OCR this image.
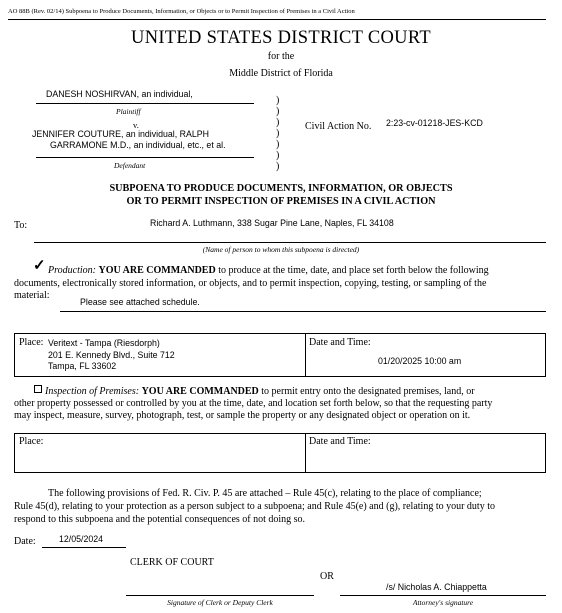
AO 88B (Rev. 02/14) Subpoena to Produce Documents, Information, or Objects or to Permit Inspection of Premises in a Civil Action
UNITED STATES DISTRICT COURT
for the
Middle District of Florida
DANESH NOSHIRVAN, an individual,
Plaintiff
v.
JENNIFER COUTURE, an individual, RALPH
GARRAMONE M.D., an individual, etc., et al.
Defendant
)
)
)
)
)
)
)
Civil Action No. 2:23-cv-01218-JES-KCD
SUBPOENA TO PRODUCE DOCUMENTS, INFORMATION, OR OBJECTS
OR TO PERMIT INSPECTION OF PREMISES IN A CIVIL ACTION
To:	Richard A. Luthmann, 338 Sugar Pine Lane, Naples, FL 34108
(Name of person to whom this subpoena is directed)
✓ Production: YOU ARE COMMANDED to produce at the time, date, and place set forth below the following
documents, electronically stored information, or objects, and to permit inspection, copying, testing, or sampling of the
material:
Please see attached schedule.
Place: Veritext - Tampa (Riesdorph)
201 E. Kennedy Blvd., Suite 712
Tampa, FL 33602
Date and Time:
01/20/2025 10:00 am
Inspection of Premises: YOU ARE COMMANDED to permit entry onto the designated premises, land, or
other property possessed or controlled by you at the time, date, and location set forth below, so that the requesting party
may inspect, measure, survey, photograph, test, or sample the property or any designated object or operation on it.
Place:	Date and Time:
The following provisions of Fed. R. Civ. P. 45 are attached – Rule 45(c), relating to the place of compliance;
Rule 45(d), relating to your protection as a person subject to a subpoena; and Rule 45(e) and (g), relating to your duty to
respond to this subpoena and the potential consequences of not doing so.
Date:	12/05/2024
CLERK OF COURT
OR
/s/ Nicholas A. Chiappetta
Signature of Clerk or Deputy Clerk	Attorney's signature
